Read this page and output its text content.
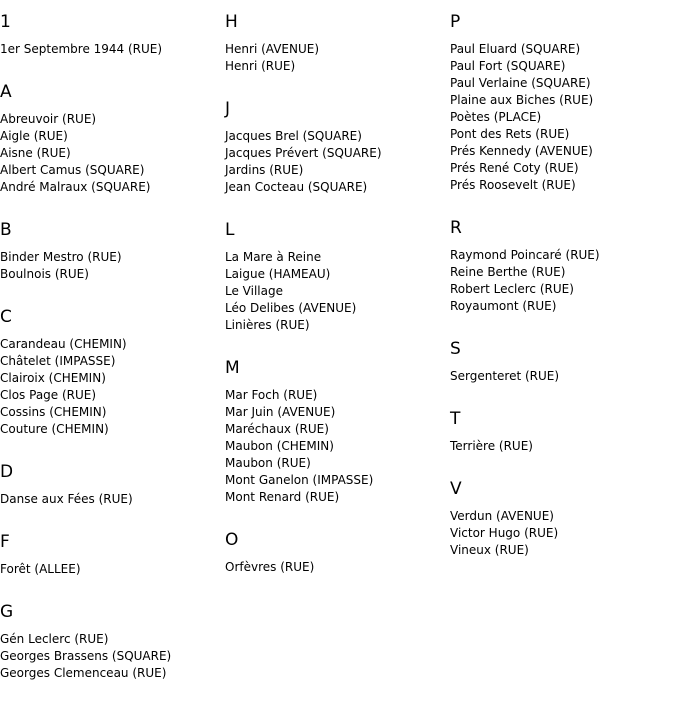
1
1er Septembre 1944 (RUE)
A
Abreuvoir (RUE)
Aigle (RUE)
Aisne (RUE)
Albert Camus (SQUARE)
André Malraux (SQUARE)
B
Binder Mestro (RUE)
Boulnois (RUE)
C
Carandeau (CHEMIN)
Châtelet (IMPASSE)
Clairoix (CHEMIN)
Clos Page (RUE)
Cossins (CHEMIN)
Couture (CHEMIN)
D
Danse aux Fées (RUE)
F
Forêt (ALLEE)
G
Gén Leclerc (RUE)
Georges Brassens (SQUARE)
Georges Clemenceau (RUE)
H
Henri (AVENUE)
Henri (RUE)
J
Jacques Brel (SQUARE)
Jacques Prévert (SQUARE)
Jardins (RUE)
Jean Cocteau (SQUARE)
L
La Mare à Reine
Laigue (HAMEAU)
Le Village
Léo Delibes (AVENUE)
Linières (RUE)
M
Mar Foch (RUE)
Mar Juin (AVENUE)
Maréchaux (RUE)
Maubon (CHEMIN)
Maubon (RUE)
Mont Ganelon (IMPASSE)
Mont Renard (RUE)
O
Orfèvres (RUE)
P
Paul Eluard (SQUARE)
Paul Fort (SQUARE)
Paul Verlaine (SQUARE)
Plaine aux Biches (RUE)
Poètes (PLACE)
Pont des Rets (RUE)
Prés Kennedy (AVENUE)
Prés René Coty (RUE)
Prés Roosevelt (RUE)
R
Raymond Poincaré (RUE)
Reine Berthe (RUE)
Robert Leclerc (RUE)
Royaumont (RUE)
S
Sergenteret (RUE)
T
Terrière (RUE)
V
Verdun (AVENUE)
Victor Hugo (RUE)
Vineux (RUE)
